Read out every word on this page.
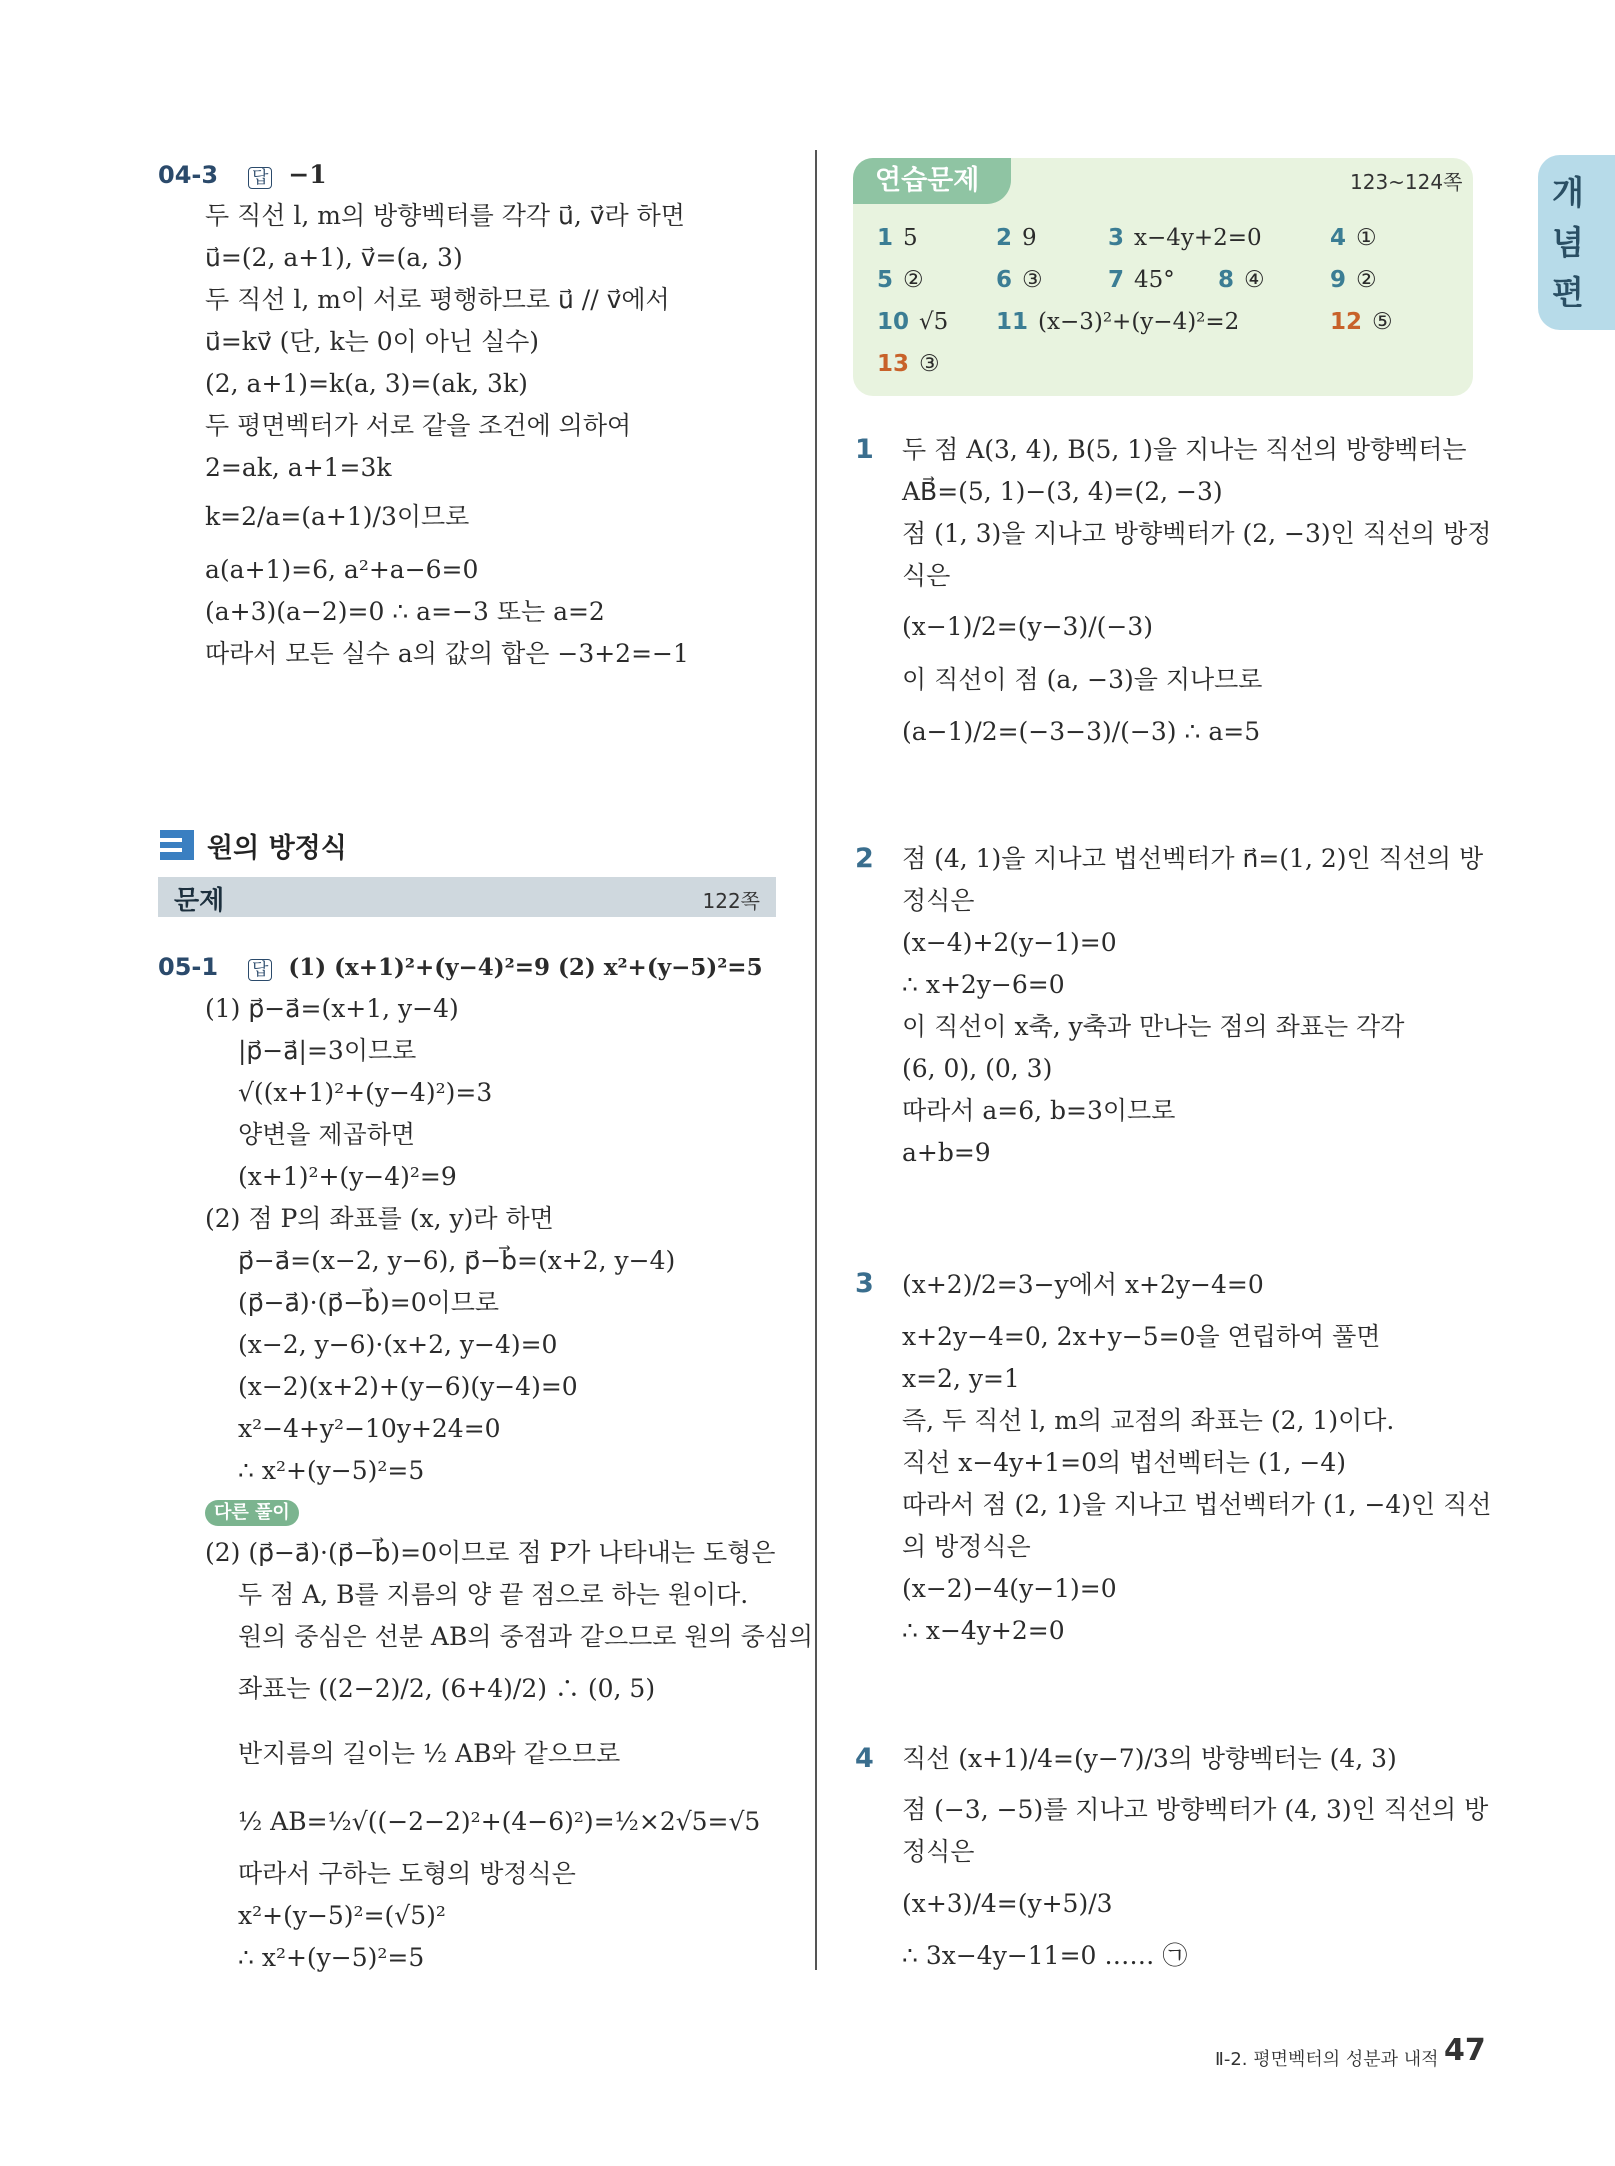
개
념
편
04-3 답 −1
두 직선 l, m의 방향벡터를 각각 u⃗, v⃗라 하면
u⃗=(2, a+1), v⃗=(a, 3)
두 직선 l, m이 서로 평행하므로 u⃗ // v⃗에서
u⃗=kv⃗ (단, k는 0이 아닌 실수)
(2, a+1)=k(a, 3)=(ak, 3k)
두 평면벡터가 서로 같을 조건에 의하여
2=ak, a+1=3k
k=2/a=(a+1)/3이므로
a(a+1)=6, a²+a−6=0
(a+3)(a−2)=0 ∴ a=−3 또는 a=2
따라서 모든 실수 a의 값의 합은 −3+2=−1
원의 방정식
문제	122쪽
05-1 답 (1) (x+1)²+(y−4)²=9 (2) x²+(y−5)²=5
(1) p⃗−a⃗=(x+1, y−4)
|p⃗−a⃗|=3이므로
√((x+1)²+(y−4)²)=3
양변을 제곱하면
(x+1)²+(y−4)²=9
(2) 점 P의 좌표를 (x, y)라 하면
p⃗−a⃗=(x−2, y−6), p⃗−b⃗=(x+2, y−4)
(p⃗−a⃗)·(p⃗−b⃗)=0이므로
(x−2, y−6)·(x+2, y−4)=0
(x−2)(x+2)+(y−6)(y−4)=0
x²−4+y²−10y+24=0
∴ x²+(y−5)²=5
다른 풀이
(2) (p⃗−a⃗)·(p⃗−b⃗)=0이므로 점 P가 나타내는 도형은
두 점 A, B를 지름의 양 끝 점으로 하는 원이다.
원의 중심은 선분 AB의 중점과 같으므로 원의 중심의
좌표는 ((2−2)/2, (6+4)/2) ∴ (0, 5)
반지름의 길이는 ½ AB와 같으므로
½ AB=½√((−2−2)²+(4−6)²)=½×2√5=√5
따라서 구하는 도형의 방정식은
x²+(y−5)²=(√5)²
∴ x²+(y−5)²=5
연습문제	123~124쪽
1 5	2 9	3 x−4y+2=0	4 ①
5 ②	6 ③	7 45° 8 ④	9 ②
10 √5 11 (x−3)²+(y−4)²=2	12 ⑤
13 ③
1 두 점 A(3, 4), B(5, 1)을 지나는 직선의 방향벡터는
AB⃗=(5, 1)−(3, 4)=(2, −3)
점 (1, 3)을 지나고 방향벡터가 (2, −3)인 직선의 방정
식은
(x−1)/2=(y−3)/(−3)
이 직선이 점 (a, −3)을 지나므로
(a−1)/2=(−3−3)/(−3) ∴ a=5
2 점 (4, 1)을 지나고 법선벡터가 n⃗=(1, 2)인 직선의 방
정식은
(x−4)+2(y−1)=0
∴ x+2y−6=0
이 직선이 x축, y축과 만나는 점의 좌표는 각각
(6, 0), (0, 3)
따라서 a=6, b=3이므로
a+b=9
3 (x+2)/2=3−y에서 x+2y−4=0
x+2y−4=0, 2x+y−5=0을 연립하여 풀면
x=2, y=1
즉, 두 직선 l, m의 교점의 좌표는 (2, 1)이다.
직선 x−4y+1=0의 법선벡터는 (1, −4)
따라서 점 (2, 1)을 지나고 법선벡터가 (1, −4)인 직선
의 방정식은
(x−2)−4(y−1)=0
∴ x−4y+2=0
4 직선 (x+1)/4=(y−7)/3의 방향벡터는 (4, 3)
점 (−3, −5)를 지나고 방향벡터가 (4, 3)인 직선의 방
정식은
(x+3)/4=(y+5)/3
∴ 3x−4y−11=0 …… ㉠
Ⅱ-2. 평면벡터의 성분과 내적 47
